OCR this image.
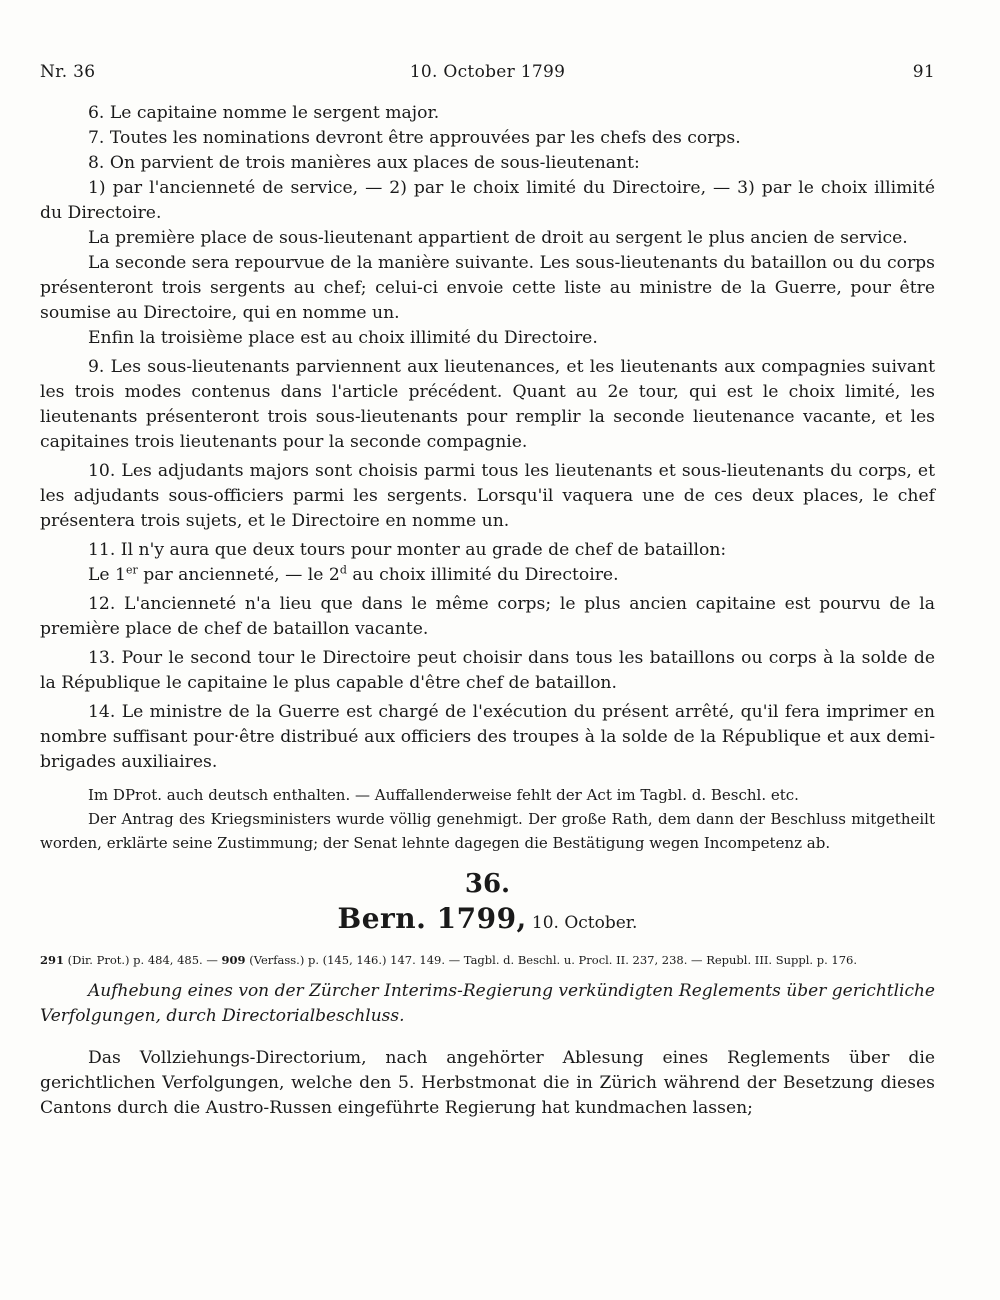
Nr. 36	10. October 1799	91

6. Le capitaine nomme le sergent major.

7. Toutes les nominations devront être approuvées par les chefs des corps.

8. On parvient de trois manières aux places de sous-lieutenant:

1) par l'ancienneté de service, — 2) par le choix limité du Directoire, — 3) par le choix illimité du Directoire.

La première place de sous-lieutenant appartient de droit au sergent le plus ancien de service.

La seconde sera repourvue de la manière suivante. Les sous-lieutenants du bataillon ou du corps présenteront trois sergents au chef; celui-ci envoie cette liste au ministre de la Guerre, pour être soumise au Directoire, qui en nomme un.

Enfin la troisième place est au choix illimité du Directoire.

9. Les sous-lieutenants parviennent aux lieutenances, et les lieutenants aux compagnies suivant les trois modes contenus dans l'article précédent. Quant au 2e tour, qui est le choix limité, les lieutenants présenteront trois sous-lieutenants pour remplir la seconde lieutenance vacante, et les capitaines trois lieutenants pour la seconde compagnie.

10. Les adjudants majors sont choisis parmi tous les lieutenants et sous-lieutenants du corps, et les adjudants sous-officiers parmi les sergents. Lorsqu'il vaquera une de ces deux places, le chef présentera trois sujets, et le Directoire en nomme un.

11. Il n'y aura que deux tours pour monter au grade de chef de bataillon:

Le 1er par ancienneté, — le 2$^d$ au choix illimité du Directoire.

12. L'ancienneté n'a lieu que dans le même corps; le plus ancien capitaine est pourvu de la première place de chef de bataillon vacante.

13. Pour le second tour le Directoire peut choisir dans tous les bataillons ou corps à la solde de la République le capitaine le plus capable d'être chef de bataillon.

14. Le ministre de la Guerre est chargé de l'exécution du présent arrêté, qu'il fera imprimer en nombre suffisant pour·être distribué aux officiers des troupes à la solde de la République et aux demi-brigades auxiliaires.

Im DProt. auch deutsch enthalten. — Auffallenderweise fehlt der Act im Tagbl. d. Beschl. etc.

Der Antrag des Kriegsministers wurde völlig genehmigt. Der große Rath, dem dann der Beschluss mitgetheilt worden, erklärte seine Zustimmung; der Senat lehnte dagegen die Bestätigung wegen Incompetenz ab.

36.
Bern. 1799, 10. October.
291 (Dir. Prot.) p. 484, 485. — 909 (Verfass.) p. (145, 146.) 147. 149. — Tagbl. d. Beschl. u. Procl. II. 237, 238. — Republ. III. Suppl. p. 176.

Aufhebung eines von der Zürcher Interims-Regierung verkündigten Reglements über gerichtliche Verfolgungen, durch Directorialbeschluss.

Das Vollziehungs-Directorium, nach angehörter Ablesung eines Reglements über die gerichtlichen Verfolgungen, welche den 5. Herbstmonat die in Zürich während der Besetzung dieses Cantons durch die Austro-Russen eingeführte Regierung hat kundmachen lassen;
